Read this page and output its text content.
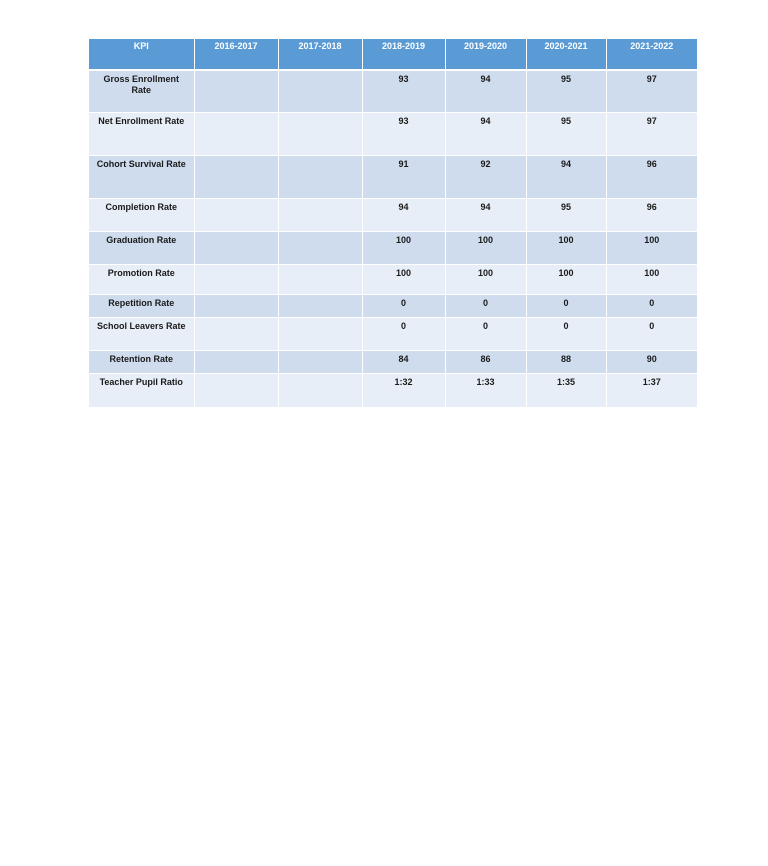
KPI	2016-2017	2017-2018	2018-2019	2019-2020	2020-2021	2021-2022
Gross Enrollment Rate			93	94	95	97
Net Enrollment Rate			93	94	95	97
Cohort Survival Rate			91	92	94	96
Completion Rate			94	94	95	96
Graduation Rate			100	100	100	100
Promotion Rate			100	100	100	100
Repetition Rate			0	0	0	0
School Leavers Rate			0	0	0	0
Retention Rate			84	86	88	90
Teacher Pupil Ratio			1:32	1:33	1:35	1:37
